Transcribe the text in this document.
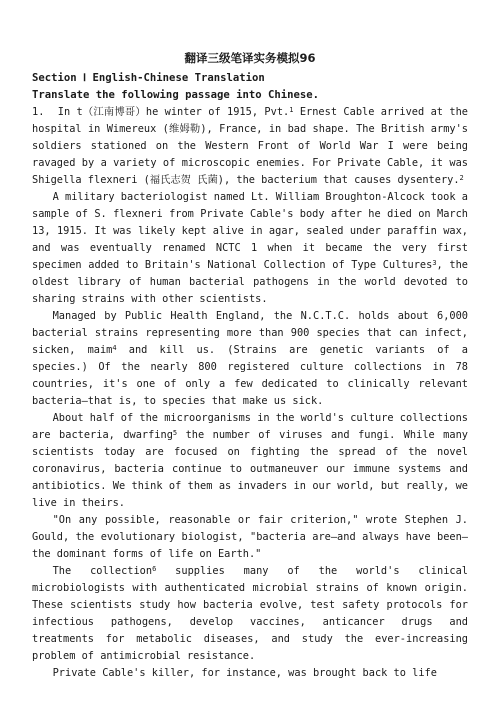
翻译三级笔译实务模拟96
Section Ⅰ English-Chinese Translation
Translate the following passage into Chinese.

1. In t（江南博哥）he winter of 1915, Pvt.$^1$ Ernest Cable arrived at the hospital in Wimereux (维姆勒), France, in bad shape. The British army's soldiers stationed on the Western Front of World War I were being ravaged by a variety of microscopic enemies. For Private Cable, it was Shigella flexneri (福氏志贺 氏菌), the bacterium that causes dysentery.$^2$

A military bacteriologist named Lt. William Broughton-Alcock took a sample of S. flexneri from Private Cable's body after he died on March 13, 1915. It was likely kept alive in agar, sealed under paraffin wax, and was eventually renamed NCTC 1 when it became the very first specimen added to Britain's National Collection of Type Cultures$^3$, the oldest library of human bacterial pathogens in the world devoted to sharing strains with other scientists.

Managed by Public Health England, the N.C.T.C. holds about 6,000 bacterial strains representing more than 900 species that can infect, sicken, maim$^4$ and kill us. (Strains are genetic variants of a species.) Of the nearly 800 registered culture collections in 78 countries, it's one of only a few dedicated to clinically relevant bacteria—that is, to species that make us sick.

About half of the microorganisms in the world's culture collections are bacteria, dwarfing$^5$ the number of viruses and fungi. While many scientists today are focused on fighting the spread of the novel coronavirus, bacteria continue to outmaneuver our immune systems and antibiotics. We think of them as invaders in our world, but really, we live in theirs.

"On any possible, reasonable or fair criterion," wrote Stephen J. Gould, the evolutionary biologist, "bacteria are—and always have been—the dominant forms of life on Earth."

The collection$^6$ supplies many of the world's clinical microbiologists with authenticated microbial strains of known origin. These scientists study how bacteria evolve, test safety protocols for infectious pathogens, develop vaccines, anticancer drugs and treatments for metabolic diseases, and study the ever-increasing problem of antimicrobial resistance.

Private Cable's killer, for instance, was brought back to life
